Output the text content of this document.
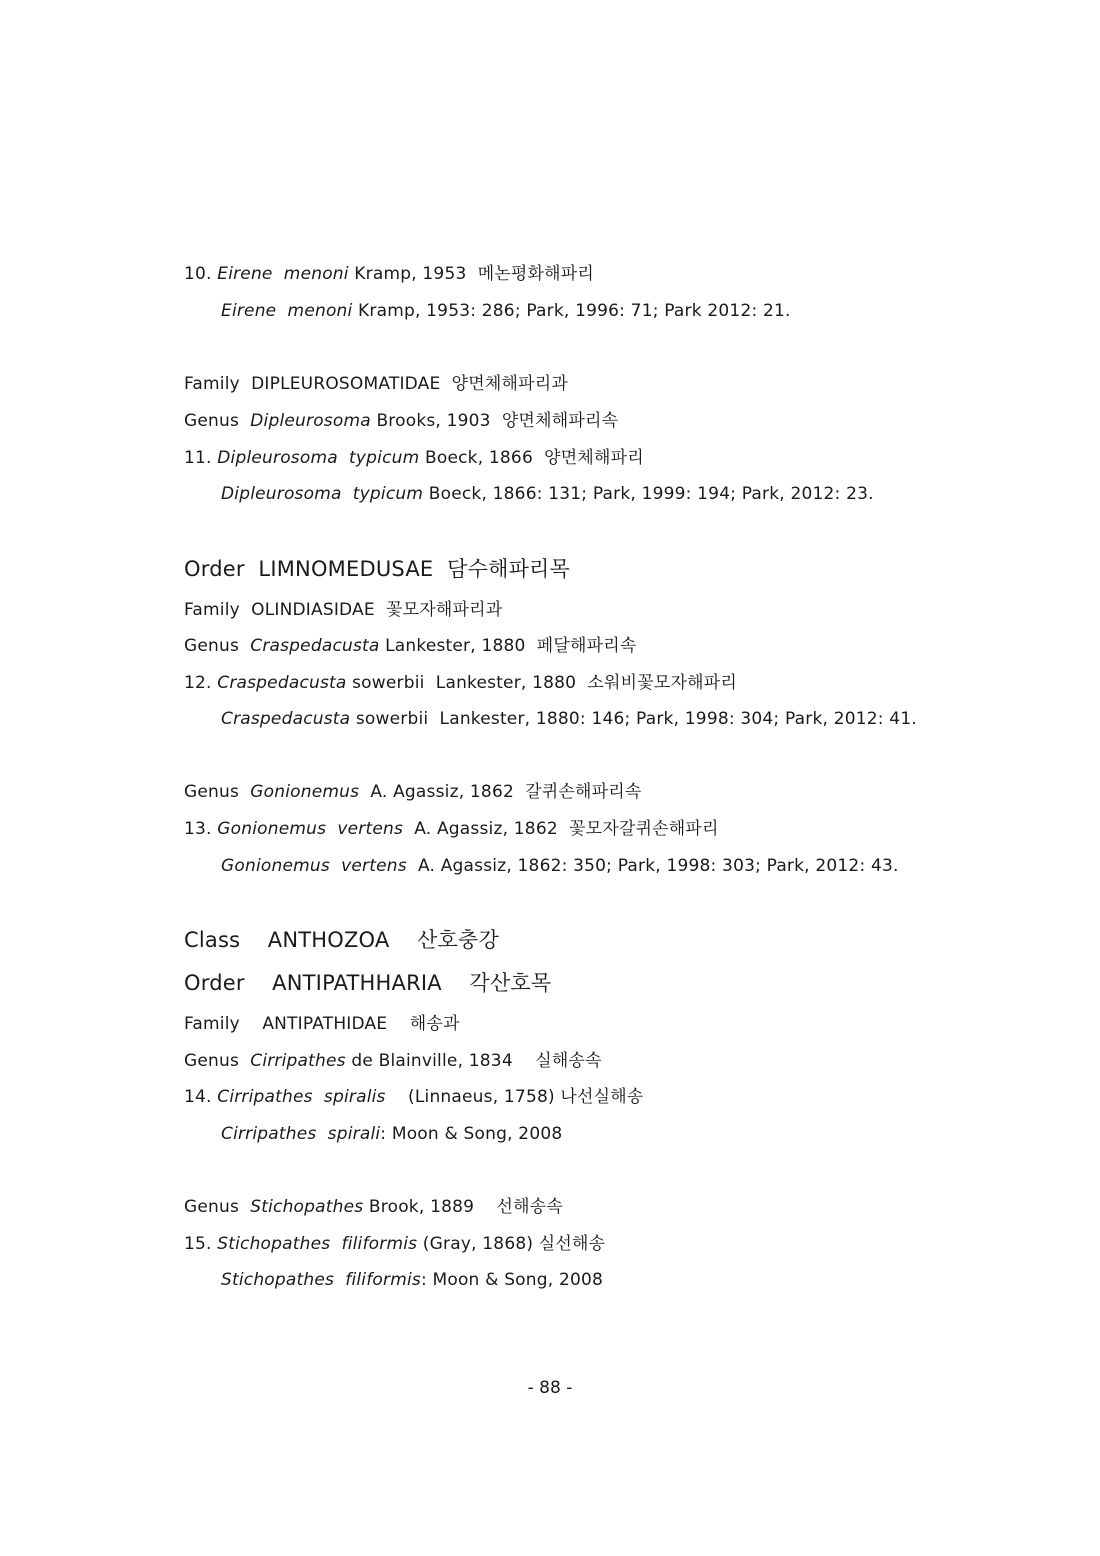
10. Eirene  menoni Kramp, 1953  메논평화해파리
Eirene  menoni Kramp, 1953: 286; Park, 1996: 71; Park 2012: 21.
Family  DIPLEUROSOMATIDAE  양면체해파리과
Genus  Dipleurosoma Brooks, 1903  양면체해파리속
11. Dipleurosoma  typicum Boeck, 1866  양면체해파리
Dipleurosoma  typicum Boeck, 1866: 131; Park, 1999: 194; Park, 2012: 23.
Order  LIMNOMEDUSAE  담수해파리목
Family  OLINDIASIDAE  꽃모자해파리과
Genus  Craspedacusta Lankester, 1880  페달해파리속
12. Craspedacusta sowerbii  Lankester, 1880  소워비꽃모자해파리
Craspedacusta sowerbii  Lankester, 1880: 146; Park, 1998: 304; Park, 2012: 41.
Genus  Gonionemus  A. Agassiz, 1862  갈퀴손해파리속
13. Gonionemus  vertens  A. Agassiz, 1862  꽃모자갈퀴손해파리
Gonionemus  vertens  A. Agassiz, 1862: 350; Park, 1998: 303; Park, 2012: 43.
Class    ANTHOZOA    산호충강
Order    ANTIPATHHARIA    각산호목
Family    ANTIPATHIDAE    해송과
Genus  Cirripathes de Blainville, 1834    실해송속
14. Cirripathes  spiralis    (Linnaeus, 1758) 나선실해송
Cirripathes  spirali: Moon & Song, 2008
Genus  Stichopathes Brook, 1889    선해송속
15. Stichopathes  filiformis (Gray, 1868) 실선해송
Stichopathes  filiformis: Moon & Song, 2008
- 88 -
